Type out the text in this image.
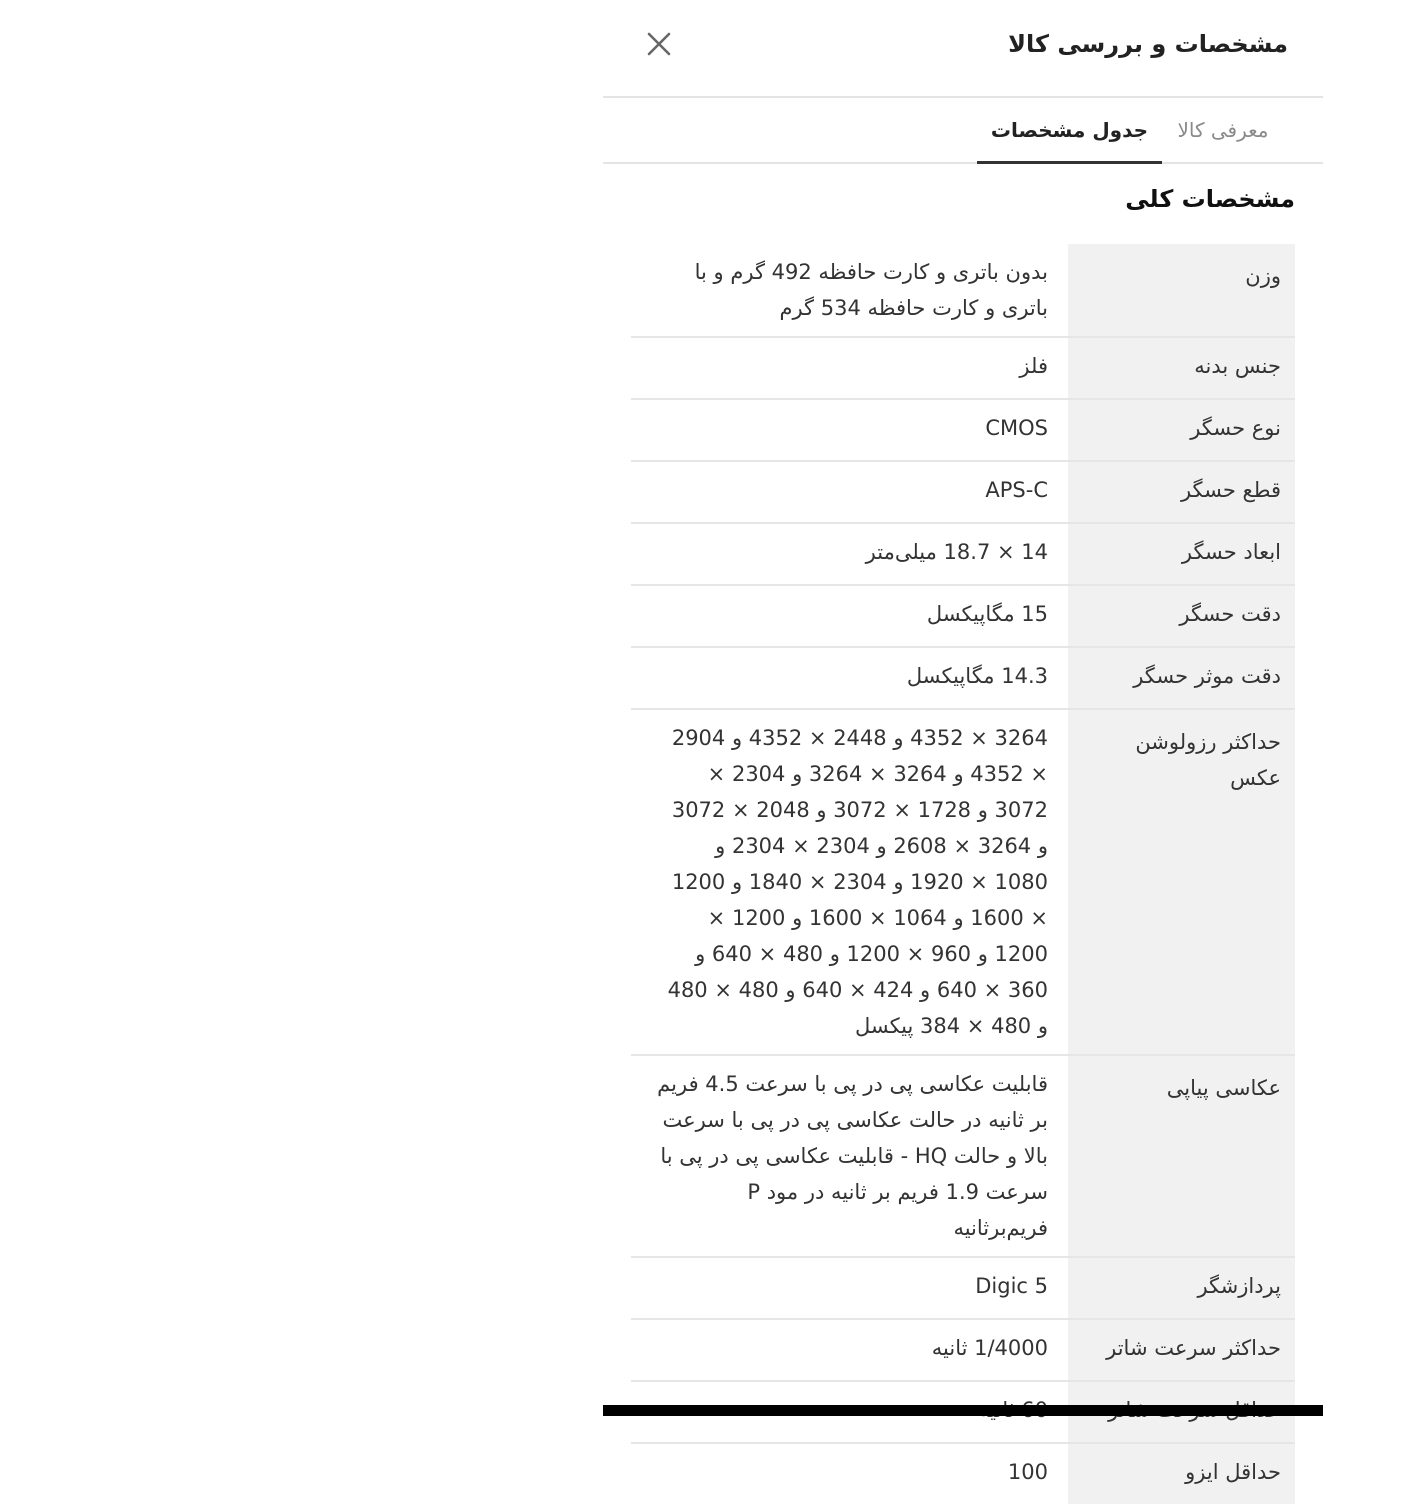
مشخصات و بررسی کالا
معرفی کالا
جدول مشخصات
مشخصات کلی
وزن
بدون باتری و کارت حافظه 492 گرم و با باتری و کارت حافظه 534 گرم
جنس بدنه
فلز
نوع حسگر
CMOS
قطع حسگر
APS-C
ابعاد حسگر
14 × 18.7 میلی‌متر
دقت حسگر
15 مگاپیکسل
دقت موثر حسگر
14.3 مگاپیکسل
حداکثر رزولوشن عکس
3264 × 4352 و 2448 × 4352 و 2904 × 4352 و 3264 × 3264 و 2304 × 3072 و 1728 × 3072 و 2048 × 3072 و 3264 × 2608 و 2304 × 2304 و 1080 × 1920 و 2304 × 1840 و 1200 × 1600 و 1064 × 1600 و 1200 × 1200 و 960 × 1200 و 480 × 640 و 360 × 640 و 424 × 640 و 480 × 480 و 480 × 384 پیکسل
عکاسی پیاپی
قابلیت عکاسی پی در پی با سرعت 4.5 فریم بر ثانیه در حالت عکاسی پی در پی با سرعت بالا و حالت HQ - قابلیت عکاسی پی در پی با سرعت 1.9 فریم بر ثانیه در مود P فریم‌برثانیه
پردازشگر
Digic 5
حداکثر سرعت شاتر
1/4000 ثانیه
حداقل ایزو
100
